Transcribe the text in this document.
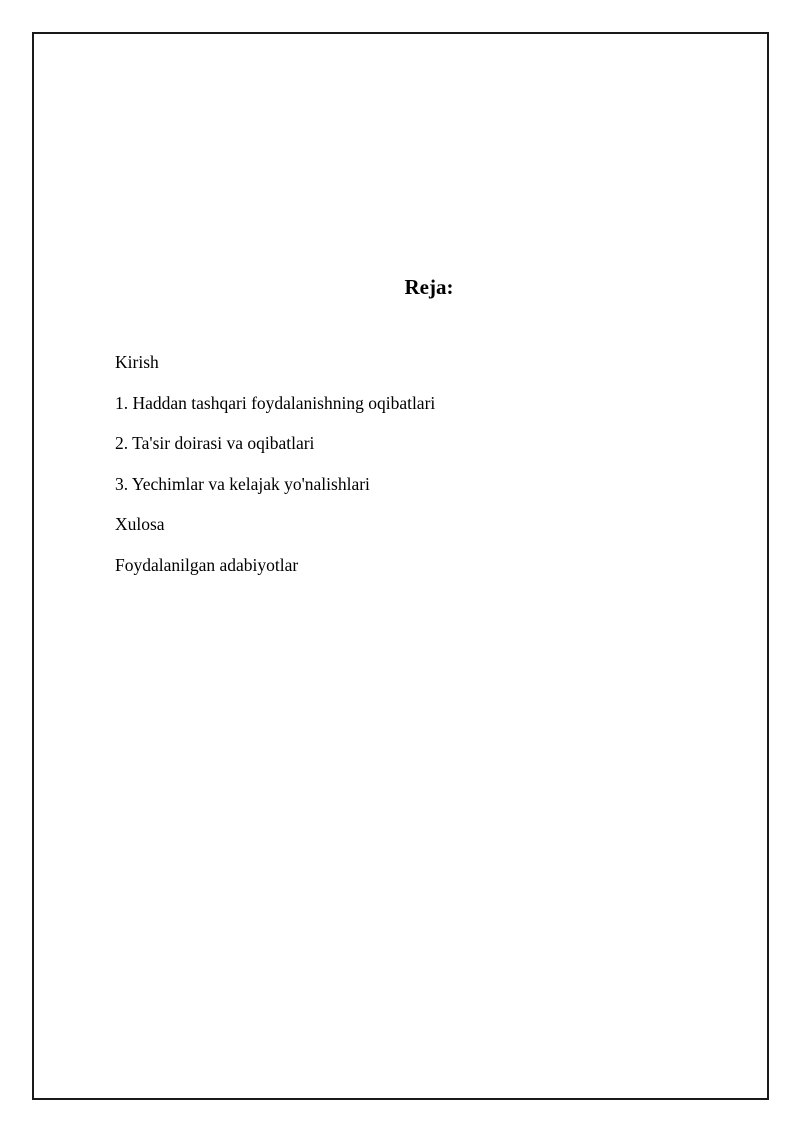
Reja:
Kirish
1. Haddan tashqari foydalanishning oqibatlari
2. Ta'sir doirasi va oqibatlari
3. Yechimlar va kelajak yo'nalishlari
Xulosa
Foydalanilgan adabiyotlar
